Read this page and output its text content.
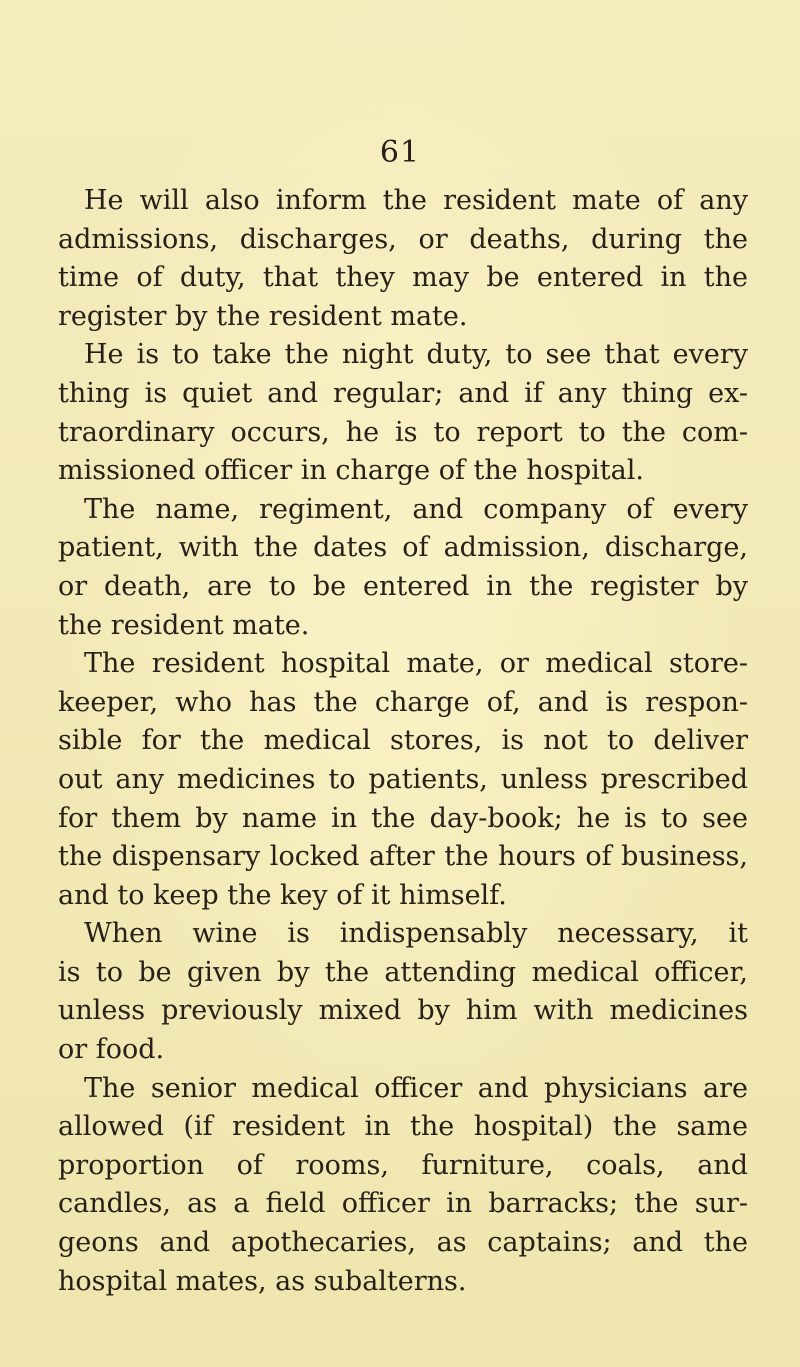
61
He will also inform the resident mate of any
admissions, discharges, or deaths, during the
time of duty, that they may be entered in the
register by the resident mate.
He is to take the night duty, to see that every
thing is quiet and regular; and if any thing ex-
traordinary occurs, he is to report to the com-
missioned officer in charge of the hospital.
The name, regiment, and company of every
patient, with the dates of admission, discharge,
or death, are to be entered in the register by
the resident mate.
The resident hospital mate, or medical store-
keeper, who has the charge of, and is respon-
sible for the medical stores, is not to deliver
out any medicines to patients, unless prescribed
for them by name in the day-book; he is to see
the dispensary locked after the hours of business,
and to keep the key of it himself.
When wine is indispensably necessary, it
is to be given by the attending medical officer,
unless previously mixed by him with medicines
or food.
The senior medical officer and physicians are
allowed (if resident in the hospital) the same
proportion of rooms, furniture, coals, and
candles, as a field officer in barracks; the sur-
geons and apothecaries, as captains; and the
hospital mates, as subalterns.
